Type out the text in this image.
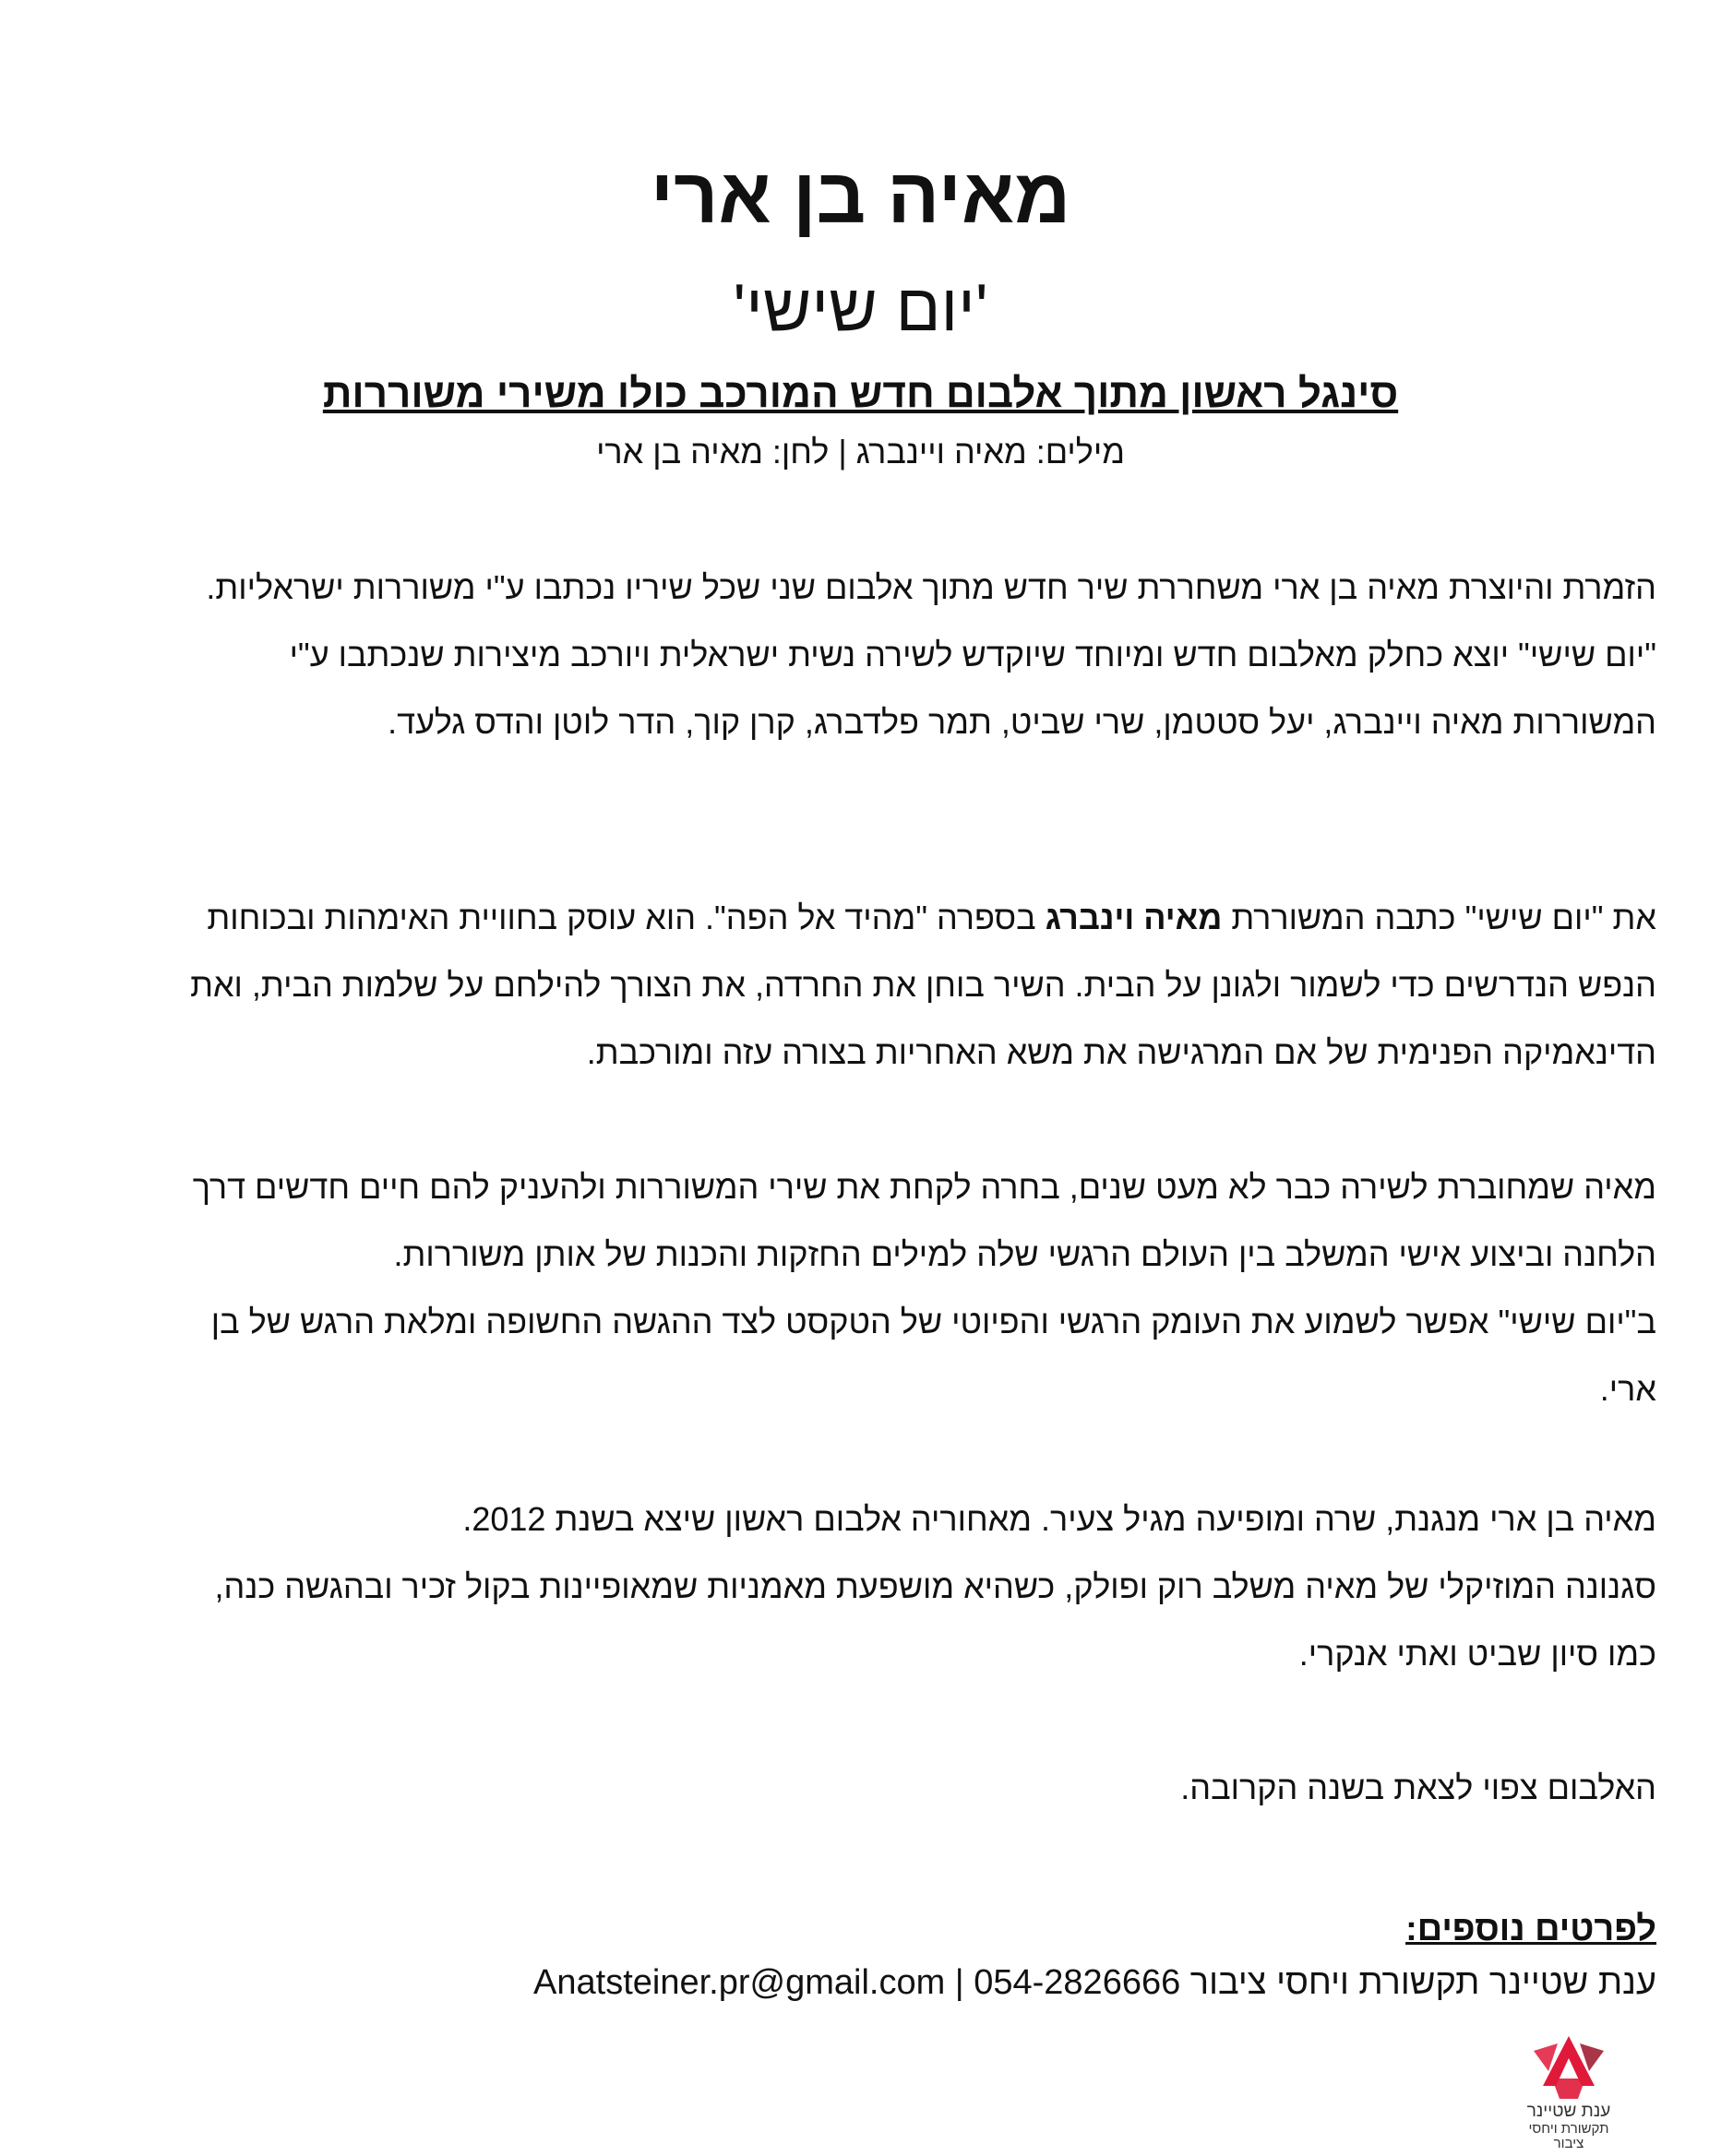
מאיה בן ארי
'יום שישי'
סינגל ראשון מתוך אלבום חדש המורכב כולו משירי משוררות
מילים: מאיה ויינברג | לחן: מאיה בן ארי
הזמרת והיוצרת מאיה בן ארי משחררת שיר חדש מתוך אלבום שני שכל שיריו נכתבו ע"י משוררות ישראליות.
"יום שישי" יוצא כחלק מאלבום חדש ומיוחד שיוקדש לשירה נשית ישראלית ויורכב מיצירות שנכתבו ע"י
המשוררות מאיה ויינברג, יעל סטטמן, שרי שביט, תמר פלדברג, קרן קוך, הדר לוטן והדס גלעד.
את "יום שישי" כתבה המשוררת מאיה וינברג בספרה "מהיד אל הפה". הוא עוסק בחוויית האימהות ובכוחות
הנפש הנדרשים כדי לשמור ולגונן על הבית. השיר בוחן את החרדה, את הצורך להילחם על שלמות הבית, ואת
הדינאמיקה הפנימית של אם המרגישה את משא האחריות בצורה עזה ומורכבת.
מאיה שמחוברת לשירה כבר לא מעט שנים, בחרה לקחת את שירי המשוררות ולהעניק להם חיים חדשים דרך
הלחנה וביצוע אישי המשלב בין העולם הרגשי שלה למילים החזקות והכנות של אותן משוררות.
ב"יום שישי" אפשר לשמוע את העומק הרגשי והפיוטי של הטקסט לצד ההגשה החשופה ומלאת הרגש של בן
ארי.
מאיה בן ארי מנגנת, שרה ומופיעה מגיל צעיר. מאחוריה אלבום ראשון שיצא בשנת 2012.
סגנונה המוזיקלי של מאיה משלב רוק ופולק, כשהיא מושפעת מאמניות שמאופיינות בקול זכיר ובהגשה כנה,
כמו סיון שביט ואתי אנקרי.
האלבום צפוי לצאת בשנה הקרובה.
לפרטים נוספים:
ענת שטיינר תקשורת ויחסי ציבור 054-2826666 | Anatsteiner.pr@gmail.com
ענת שטיינר
תקשורת ויחסי ציבור
